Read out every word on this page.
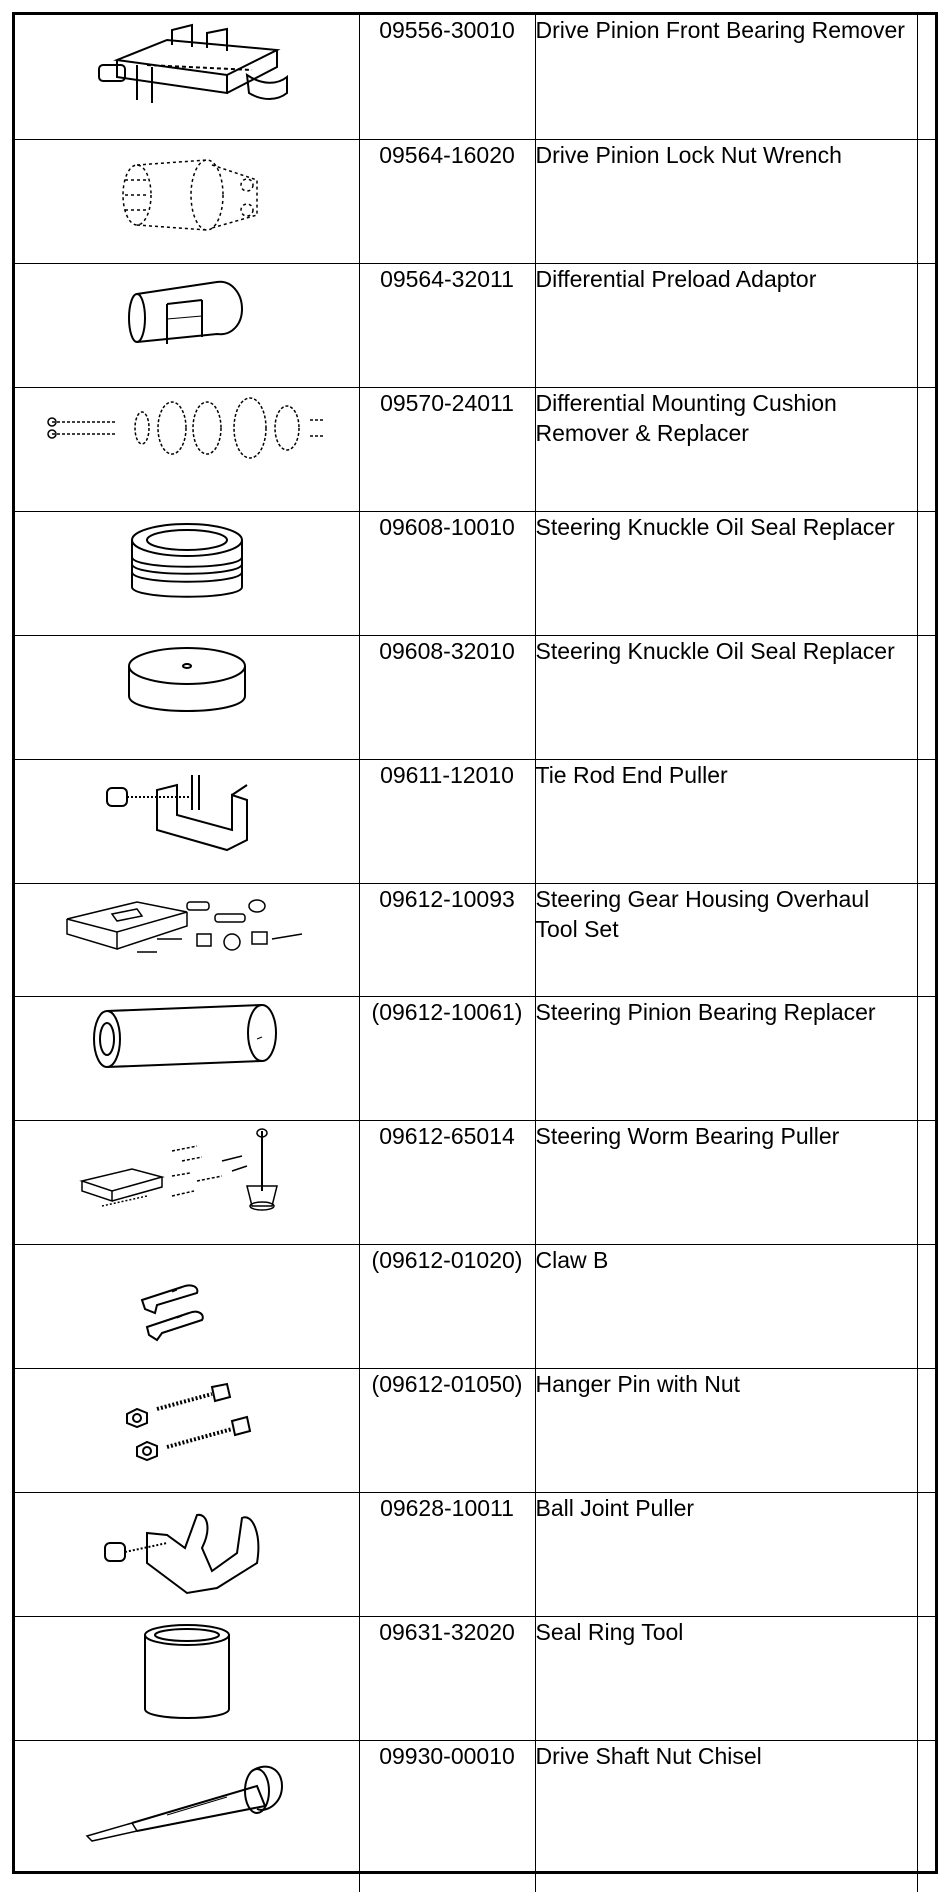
	09556-30010	Drive Pinion Front Bearing Remover	

	09564-16020	Drive Pinion Lock Nut Wrench	

	09564-32011	Differential Preload Adaptor	

	09570-24011	Differential Mounting Cushion Remover & Replacer	

	09608-10010	Steering Knuckle Oil Seal Replacer	

	09608-32010	Steering Knuckle Oil Seal Replacer	

	09611-12010	Tie Rod End Puller	

	09612-10093	Steering Gear Housing Overhaul Tool Set	

	(09612-10061)	Steering Pinion Bearing Replacer	

	09612-65014	Steering Worm Bearing Puller	

	(09612-01020)	Claw B	

	(09612-01050)	Hanger Pin with Nut	

	09628-10011	Ball Joint Puller	

	09631-32020	Seal Ring Tool	

	09930-00010	Drive Shaft Nut Chisel	
